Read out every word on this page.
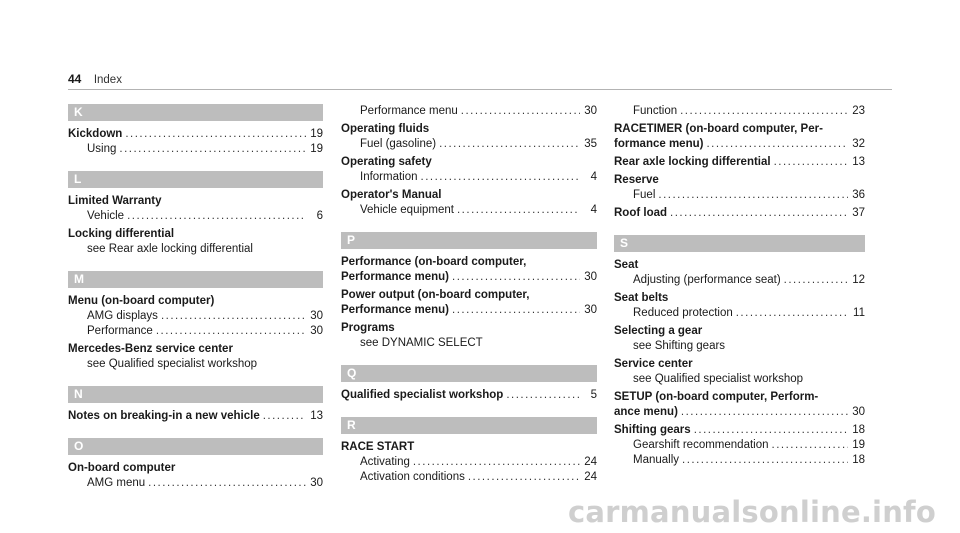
44 Index
K
Kickdown .....	19
Using .....	19
L
Limited Warranty
Vehicle .....	6
Locking differential
see Rear axle locking differential
M
Menu (on-board computer)
AMG displays .....	30
Performance .....	30
Mercedes-Benz service center
see Qualified specialist workshop
N
Notes on breaking-in a new vehicle .....	13
O
On-board computer
AMG menu .....	30
Performance menu .....	30
Operating fluids
Fuel (gasoline) .....	35
Operating safety
Information .....	4
Operator's Manual
Vehicle equipment .....	4
P
Performance (on-board computer,
Performance menu) .....	30
Power output (on-board computer,
Performance menu) .....	30
Programs
see DYNAMIC SELECT
Q
Qualified specialist workshop .....	5
R
RACE START
Activating .....	24
Activation conditions .....	24
Function .....	23
RACETIMER (on-board computer, Per-
formance menu) .....	32
Rear axle locking differential .....	13
Reserve
Fuel .....	36
Roof load .....	37
S
Seat
Adjusting (performance seat) .....	12
Seat belts
Reduced protection .....	11
Selecting a gear
see Shifting gears
Service center
see Qualified specialist workshop
SETUP (on-board computer, Perform-
ance menu) .....	30
Shifting gears .....	18
Gearshift recommendation .....	19
Manually .....	18
carmanualsonline.info
